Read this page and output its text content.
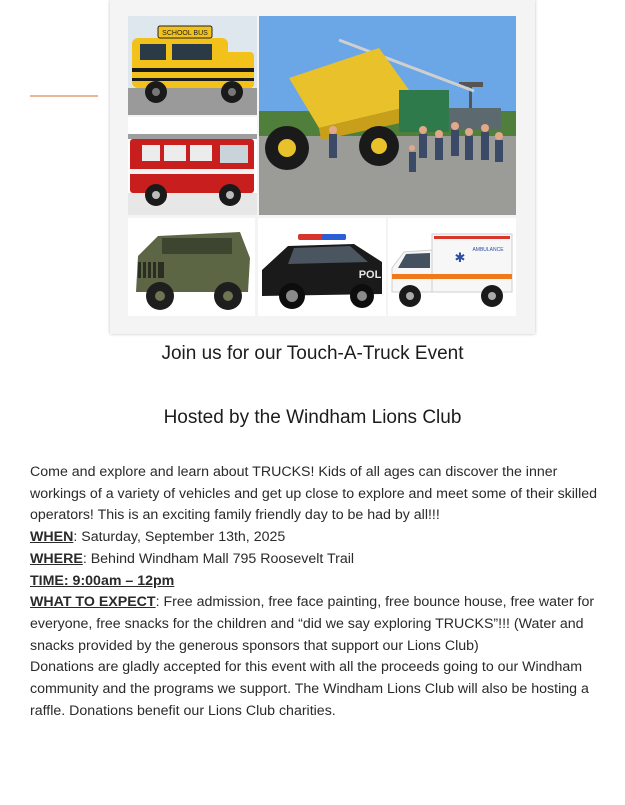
SCHOOL BUS
POL
AMBULANCE
✱
Join us for our Touch-A-Truck Event
Hosted by the Windham Lions Club

Come and explore and learn about TRUCKS! Kids of all ages can discover the inner workings of a variety of vehicles and get up close to explore and meet some of their skilled operators! This is an exciting family friendly day to be had by all!!!

WHEN: Saturday, September 13th, 2025

WHERE: Behind Windham Mall 795 Roosevelt Trail

TIME: 9:00am – 12pm

WHAT TO EXPECT: Free admission, free face painting, free bounce house, free water for everyone, free snacks for the children and “did we say exploring TRUCKS”!!! (Water and snacks provided by the generous sponsors that support our Lions Club)

Donations are gladly accepted for this event with all the proceeds going to our Windham community and the programs we support. The Windham Lions Club will also be hosting a raffle. Donations benefit our Lions Club charities.
